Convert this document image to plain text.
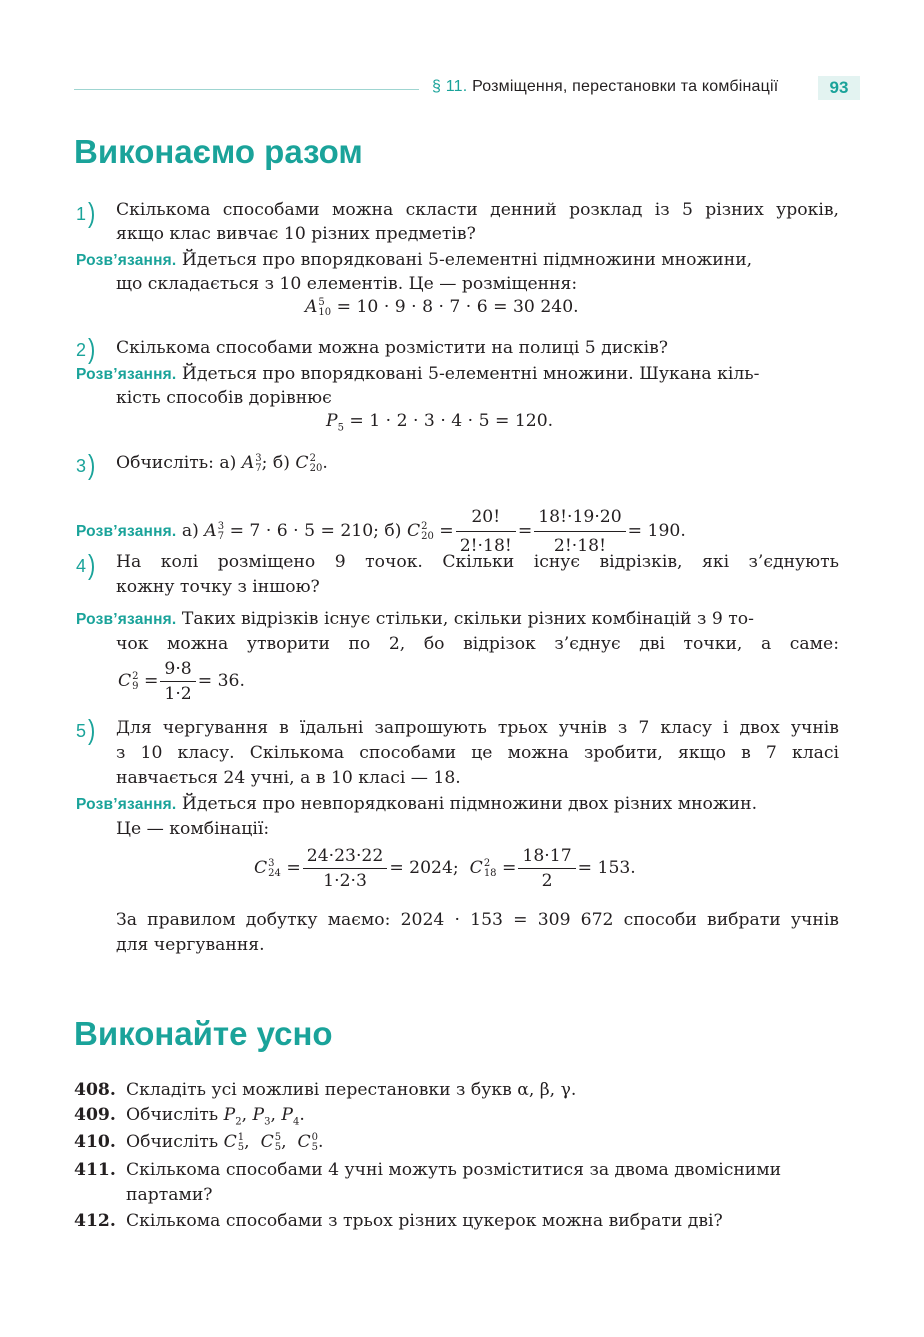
§ 11. Розміщення, перестановки та комбінації	93
Виконаємо разом
1) Скількома способами можна скласти денний розклад із 5 різних уроків,
якщо клас вивчає 10 різних предметів?
Розв’язання. Йдеться про впорядковані 5-елементні підмножини множини,
що складається з 10 елементів. Це — розміщення:
A 5
10 = 10 · 9 · 8 · 7 · 6 = 30 240.
2) Скількома способами можна розмістити на полиці 5 дисків?
Розв’язання. Йдеться про впорядковані 5-елементні множини. Шукана кіль-
кість способів дорівнює
$P_5 = 1 \cdot 2 \cdot 3 \cdot 4 \cdot 5 = 120$.
3) Обчисліть: а) A 3
7 ; б) C 2
20 .
Розв’язання. а) A 3
7 = 7 · 6 · 5 = 210; б) C 2
$20 = \frac{20!}{2!\cdot 18!} = \frac{18!\cdot 19\cdot 20}{2!\cdot 18!} = 190$.
4) На колі розміщено 9 точок. Скільки існує відрізків, які з’єднують
кожну точку з іншою?
Розв’язання. Таких відрізків існує стільки, скільки різних комбінацій з 9 то-
чок можна утворити по 2, бо відрізок з’єднує дві точки, а саме:
C 2
$9 = \frac{9\cdot 8}{1\cdot 2} = 36$.
5) Для чергування в їдальні запрошують трьох учнів з 7 класу і двох учнів
з 10 класу. Скількома способами це можна зробити, якщо в 7 класі
навчається 24 учні, а в 10 класі — 18.
Розв’язання. Йдеться про невпорядковані підмножини двох різних множин.
Це — комбінації:
C 3
$24 = \frac{24\cdot 23\cdot 22}{1\cdot 2\cdot 3} = 2024$; C 2
$18 = \frac{18\cdot 17}{2} = 153$.
За правилом добутку маємо: 2024 · 153 = 309 672 способи вибрати учнів
для чергування.
Виконайте усно
408. Складіть усі можливі перестановки з букв α, β, γ.
409. Обчисліть $P_2$, $P_3$, $P_4$.
410. Обчисліть C 1
5 ,  C 5
5 ,  C 0
5 .
411. Скількома способами 4 учні можуть розміститися за двома двомісними
партами?
412. Скількома способами з трьох різних цукерок можна вибрати дві?
